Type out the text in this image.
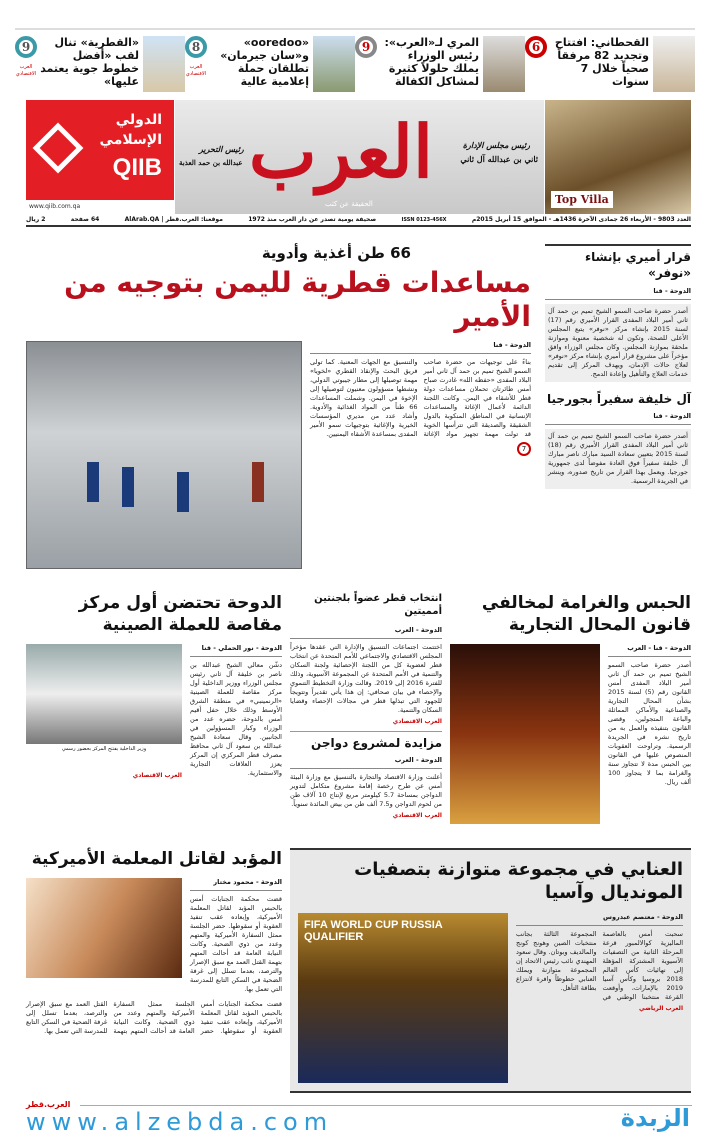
القحطاني: افتتاح وتجديد 82 مرفقاً صحياً خلال 7 سنوات
6
المري لـ«العرب»: رئيس الوزراء يملك حلولاً كثيرة لمشاكل الكفالة
9
«ooredoo» و«سان جيرمان» تطلقان حملة إعلامية عالية
8
العرب الاقتصادي
«القطرية» تنال لقب «أفضل خطوط جوية يعتمد عليها»
9
العرب الاقتصادي
الدولي
الإسلامي
QIIB
www.qiib.com.qa
رئيس مجلس الإدارة
ثاني بن عبدالله آل ثاني
العرب
الحقيقة عن كثب
رئيس التحرير
عبدالله بن حمد العذبة
Top Villa
العدد 9803 - الأربعاء 26 جمادى الآخرة 1436هـ - الموافق 15 أبريل 2015م
ISSN 0123-456X
صحيفة يومية تصدر عن دار العرب منذ 1972
موقعنا: العرب.قطر | AlArab.QA
64 صفحة
2 ريال
قرار أميري بإنشاء «نوفر»
الدوحة - قنا
أصدر حضرة صاحب السمو الشيخ تميم بن حمد آل ثاني أمير البلاد المفدى القرار الأميري رقم (17) لسنة 2015 بإنشاء مركز «نوفر» يتبع المجلس الأعلى للصحة، وتكون له شخصية معنوية وموازنة ملحقة بموازنة المجلس. وكان مجلس الوزراء وافق مؤخراً على مشروع قرار أميري بإنشاء مركز «نوفر» لعلاج حالات الإدمان، ويهدف المركز إلى تقديم خدمات العلاج والتأهيل وإعادة الدمج.
آل خليفة سفيراً بجورجيا
الدوحة - قنا
أصدر حضرة صاحب السمو الشيخ تميم بن حمد آل ثاني أمير البلاد المفدى القرار الأميري رقم (18) لسنة 2015 بتعيين سعادة السيد مبارك ناصر مبارك آل خليفة سفيراً فوق العادة مفوضاً لدى جمهورية جورجيا. ويعمل بهذا القرار من تاريخ صدوره، وينشر في الجريدة الرسمية.
66 طن أغذية وأدوية
مساعدات قطرية لليمن بتوجيه من الأمير
الدوحة - قنا
بناءً على توجيهات من حضرة صاحب السمو الشيخ تميم بن حمد آل ثاني أمير البلاد المفدى «حفظه الله» غادرت صباح أمس طائرتان تحملان مساعدات دولة قطر للأشقاء في اليمن. وكانت اللجنة الدائمة لأعمال الإغاثة والمساعدات الإنسانية في المناطق المنكوبة بالدول الشقيقة والصديقة التي تترأسها الخوية قد تولت مهمة تجهيز مواد الإغاثة والتنسيق مع الجهات المعنية. كما تولى فريق البحث والإنقاذ القطري «لخويا» مهمة توصيلها إلى مطار جيبوتي الدولي، ونشطها مسؤولون معنيون لتوصيلها إلى الإخوة في اليمن. وشملت المساعدات 66 طناً من المواد الغذائية والأدوية. وأشاد عدد من مديري المؤسسات الخيرية والإغاثية بتوجيهات سمو الأمير المفدى بمساعدة الأشقاء اليمنيين.
7
الحبس والغرامة لمخالفي قانون المحال التجارية
الدوحة - قنا - العرب
أصدر حضرة صاحب السمو الشيخ تميم بن حمد آل ثاني أمير البلاد المفدى أمس القانون رقم (5) لسنة 2015 بشأن المحال التجارية والصناعية والأماكن المماثلة والباعة المتجولين، وقضى القانون بتنفيذه والعمل به من تاريخ نشره في الجريدة الرسمية. وتراوحت العقوبات المنصوص عليها في القانون بين الحبس مدة لا تتجاوز سنة والغرامة بما لا يتجاوز 100 ألف ريال.
انتخاب قطر عضواً بلجنتين أمميتين
الدوحة - العرب
اختتمت اجتماعات التنسيق والإدارة التي عقدها مؤخراً المجلس الاقتصادي والاجتماعي للأمم المتحدة عن انتخاب قطر لعضوية كل من اللجنة الإحصائية ولجنة السكان والتنمية في الأمم المتحدة عن المجموعة الآسيوية، وذلك للفترة 2016 إلى 2019. وقالت وزارة التخطيط التنموي والإحصاء في بيان صحافي: إن هذا يأتي تقديراً وتتويجاً للجهود التي تبذلها قطر في مجالات الإحصاء وقضايا السكان والتنمية.
العرب الاقتصادي
مزايدة لمشروع دواجن
الدوحة - العرب
أعلنت وزارة الاقتصاد والتجارة بالتنسيق مع وزارة البيئة أمس عن طرح رخصة إقامة مشروع متكامل لتدوير الدواجن بمساحة 5.7 كيلومتر مربع لإنتاج 10 آلاف طن من لحوم الدواجن و7.5 ألف طن من بيض المائدة سنوياً.
العرب الاقتصادي
الدوحة تحتضن أول مركز مقاصة للعملة الصينية
الدوحة - نور الحملي - قنا
دشّن معالي الشيخ عبدالله بن ناصر بن خليفة آل ثاني رئيس مجلس الوزراء ووزير الداخلية أول مركز مقاصة للعملة الصينية «الرنمينبي» في منطقة الشرق الأوسط وذلك خلال حفل أقيم أمس بالدوحة، حضره عدد من الوزراء وكبار المسؤولين في الجانبين. وقال سعادة الشيخ عبدالله بن سعود آل ثاني محافظ مصرف قطر المركزي إن المركز يعزز العلاقات التجارية والاستثمارية.
وزير الداخلية يفتتح المركز بحضور رسمي
العرب الاقتصادي
العنابي في مجموعة متوازنة بتصفيات المونديال وآسيا
الدوحة - معتصم عبدروس
سحبت أمس بالعاصمة الماليزية كوالالمبور قرعة المرحلة الثانية من التصفيات الآسيوية المشتركة المؤهلة إلى نهائيات كأس العالم 2018 بروسيا وكأس آسيا 2019 بالإمارات، وأوقعت القرعة منتخبنا الوطني في المجموعة الثالثة بجانب منتخبات الصين وهونج كونج والمالديف وبوتان. وقال سعود المهندي نائب رئيس الاتحاد إن المجموعة متوازنة ويملك العنابي حظوظاً وافرة لانتزاع بطاقة التأهل.
العرب الرياضي
FIFA WORLD CUP RUSSIA QUALIFIER
المؤبد لقاتل المعلمة الأميركية
الدوحة - محمود مختار
قضت محكمة الجنايات أمس بالحبس المؤبد لقاتل المعلمة الأميركية، وإبعاده عقب تنفيذ العقوبة أو سقوطها. حضر الجلسة ممثل السفارة الأميركية والمتهم وعدد من ذوي الضحية. وكانت النيابة العامة قد أحالت المتهم بتهمة القتل العمد مع سبق الإصرار والترصد، بعدما تسلل إلى غرفة الضحية في السكن التابع للمدرسة التي تعمل بها.
قضت محكمة الجنايات أمس بالحبس المؤبد لقاتل المعلمة الأميركية، وإبعاده عقب تنفيذ العقوبة أو سقوطها. حضر الجلسة ممثل السفارة الأميركية والمتهم وعدد من ذوي الضحية. وكانت النيابة العامة قد أحالت المتهم بتهمة القتل العمد مع سبق الإصرار والترصد، بعدما تسلل إلى غرفة الضحية في السكن التابع للمدرسة التي تعمل بها.
العرب.قطر
www.alzebda.com	الزبدة
